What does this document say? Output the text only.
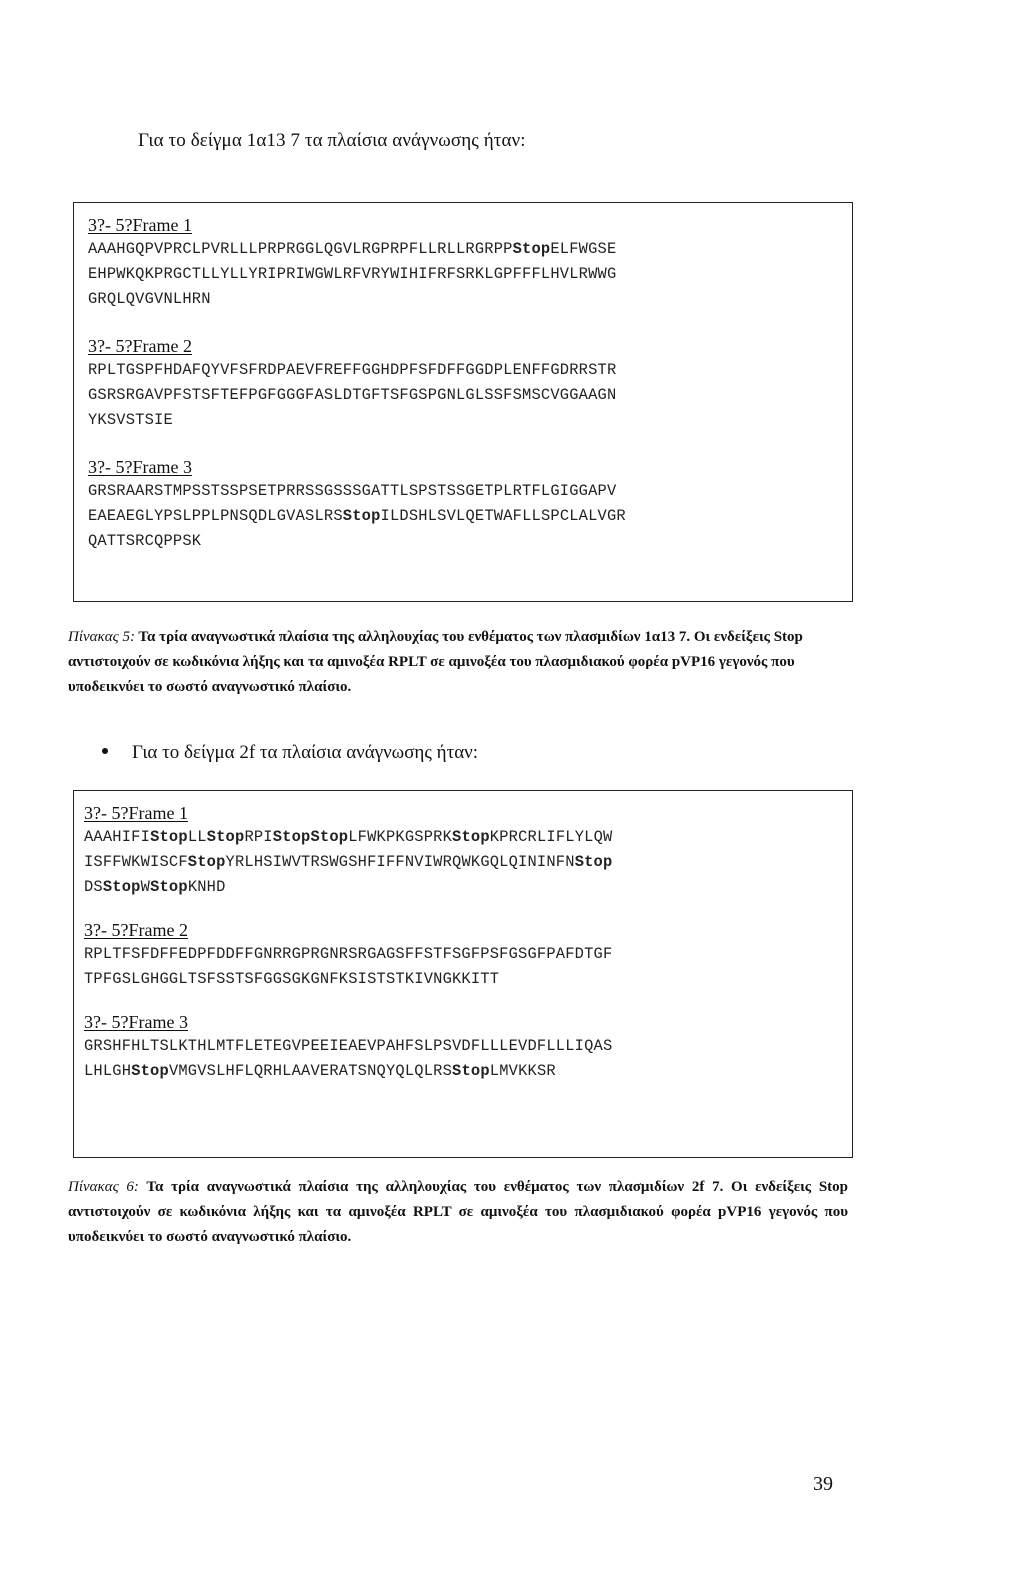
Για το δείγμα 1α13 7 τα πλαίσια ανάγνωσης ήταν:
3?- 5?Frame 1
AAAHGQPVPRCLPVRLLLPRPRGGLQGVLRGPRPFLLRLLRGRPPStopELFWGSE
EHPWKQKPRGCTLLYLLYRIPRIWGWLRFVRYWIHIFRFSRKLGPFFFLHVLRWWG
GRQLQVGVNLHRN
3?- 5?Frame 2
RPLTGSPFHDAFQYVFSFRDPAEVFREFFGGHDPFSFDFFGGDPLENFFGDRRSTR
GSRSRGAVPFSTSFTEFPGFGGGFASLDTGFTSFGSPGNLGLSSFSMSCVGGAAGN
YKSVSTSIE
3?- 5?Frame 3
GRSRAARSTMPSSTSSPSETPRRSSGSSSGATTLSPSTSSGETPLRTFLGIGGAPV
EAEAEGLYPSLPPLPNSQDLGVASLRSStopILDSHLSVLQETWAFLLSPCLALVGR
QATTSRCQPPSK
Πίνακας 5: Τα τρία αναγνωστικά πλαίσια της αλληλουχίας του ενθέματος των πλασμιδίων 1α13 7. Οι ενδείξεις Stop αντιστοιχούν σε κωδικόνια λήξης και τα αμινοξέα RPLT σε αμινοξέα του πλασμιδιακού φορέα pVP16 γεγονός που υποδεικνύει το σωστό αναγνωστικό πλαίσιο.
Για το δείγμα 2f τα πλαίσια ανάγνωσης ήταν:
3?- 5?Frame 1
AAAHIFIStopLLStopRPIStopStopLFWKPKGSPRKStopKPRCRLIFLYLQW
ISFFWKWISCFStopYRLHSIWVTRSWGSHFIFFNVIWRQWKGQLQININFNStop
DSStopWStopKNHD
3?- 5?Frame 2
RPLTFSFDFFEDPFDDFFGNRRGPRGNRSRGAGSFFSTFSGFPSFGSGFPAFDTGF
TPFGSLGHGGLTSFSSTSFGGSGKGNFKSISTSTKIVNGKKITT
3?- 5?Frame 3
GRSHFHLTSLKTHLMTFLETEGVPEEIEAEVPAHFSLPSVDFLLLEVDFLLLIQAS
LHLGHStopVMGVSLHFLQRHLAAVERATSNQYQLQLRSStopLMVKKSR
Πίνακας 6: Τα τρία αναγνωστικά πλαίσια της αλληλουχίας του ενθέματος των πλασμιδίων 2f 7. Οι ενδείξεις Stop αντιστοιχούν σε κωδικόνια λήξης και τα αμινοξέα RPLT σε αμινοξέα του πλασμιδιακού φορέα pVP16 γεγονός που υποδεικνύει το σωστό αναγνωστικό πλαίσιο.
39
